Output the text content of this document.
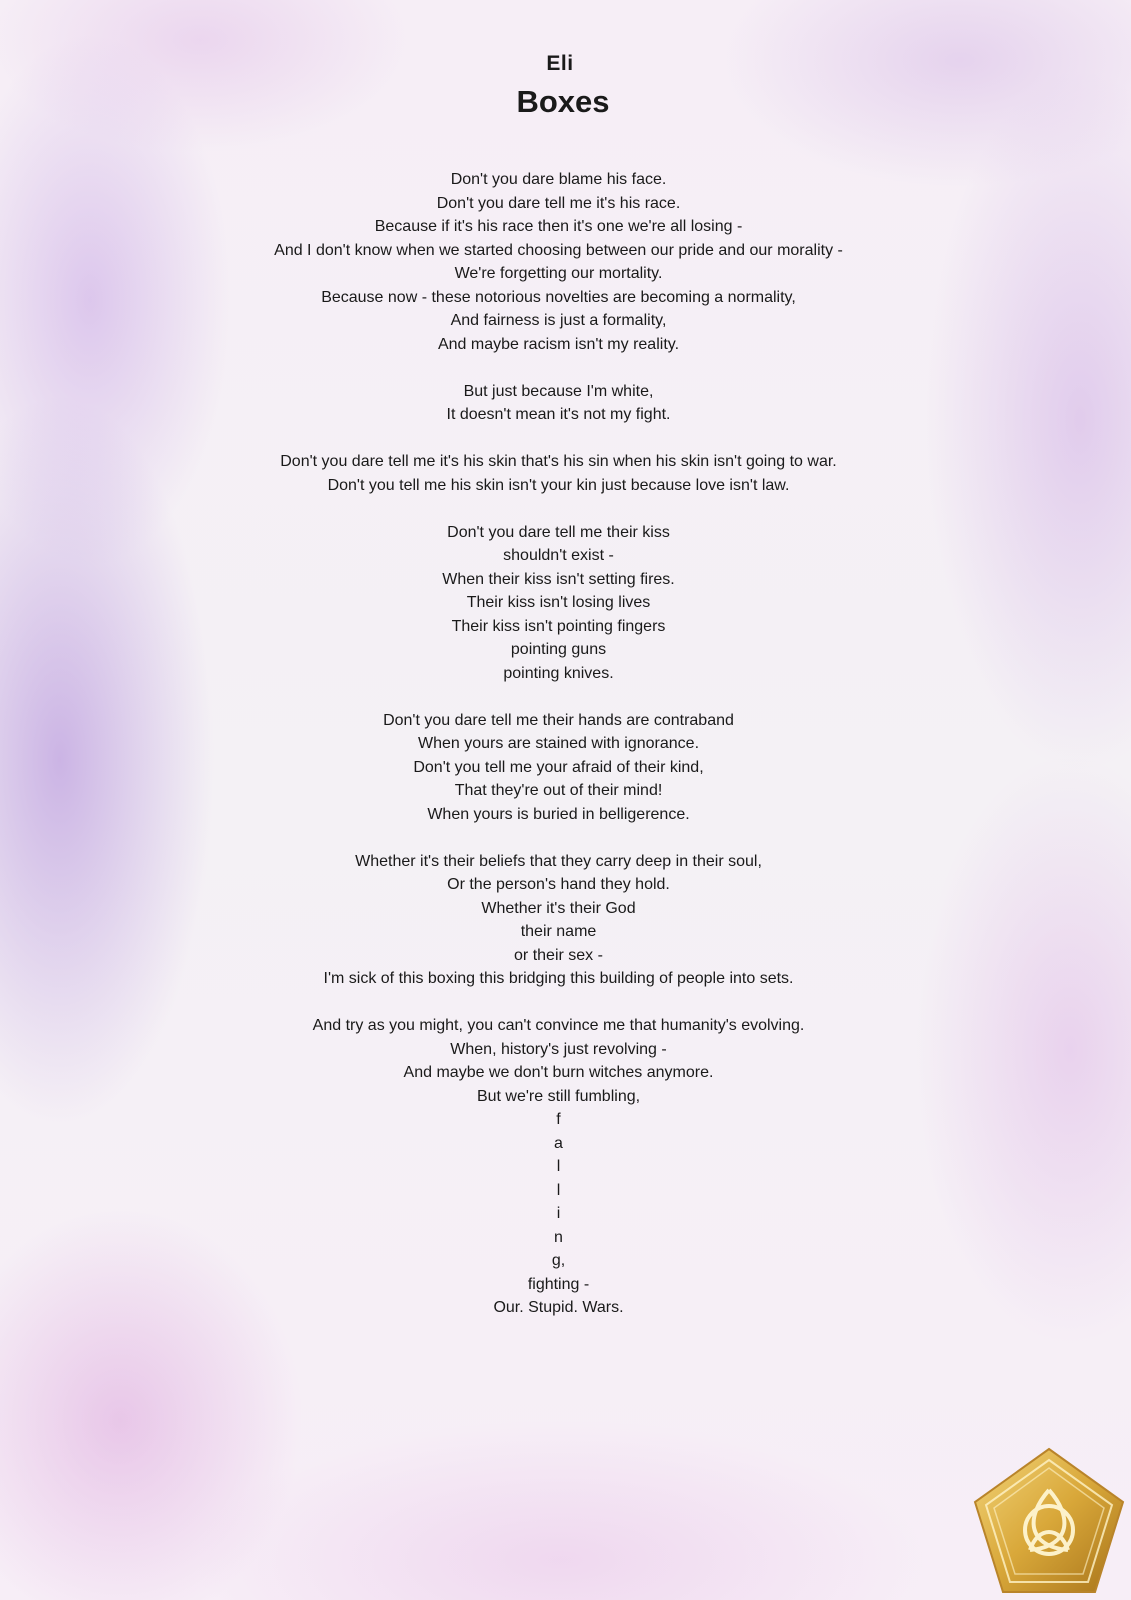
Eli
Boxes
Don't you dare blame his face.
Don't you dare tell me it's his race.
Because if it's his race then it's one we're all losing -
And I don't know when we started choosing between our pride and our morality -
We're forgetting our mortality.
Because now - these notorious novelties are becoming a normality,
And fairness is just a formality,
And maybe racism isn't my reality.
But just because I'm white,
It doesn't mean it's not my fight.
Don't you dare tell me it's his skin that's his sin when his skin isn't going to war.
Don't you tell me his skin isn't your kin just because love isn't law.
Don't you dare tell me their kiss
shouldn't exist -
When their kiss isn't setting fires.
Their kiss isn't losing lives
Their kiss isn't pointing fingers
pointing guns
pointing knives.
Don't you dare tell me their hands are contraband
When yours are stained with ignorance.
Don't you tell me your afraid of their kind,
That they're out of their mind!
When yours is buried in belligerence.
Whether it's their beliefs that they carry deep in their soul,
Or the person's hand they hold.
Whether it's their God
their name
or their sex -
I'm sick of this boxing this bridging this building of people into sets.
And try as you might, you can't convince me that humanity's evolving.
When, history's just revolving -
And maybe we don't burn witches anymore.
But we're still fumbling,
f
a
l
l
i
n
g,
fighting -
Our. Stupid. Wars.
